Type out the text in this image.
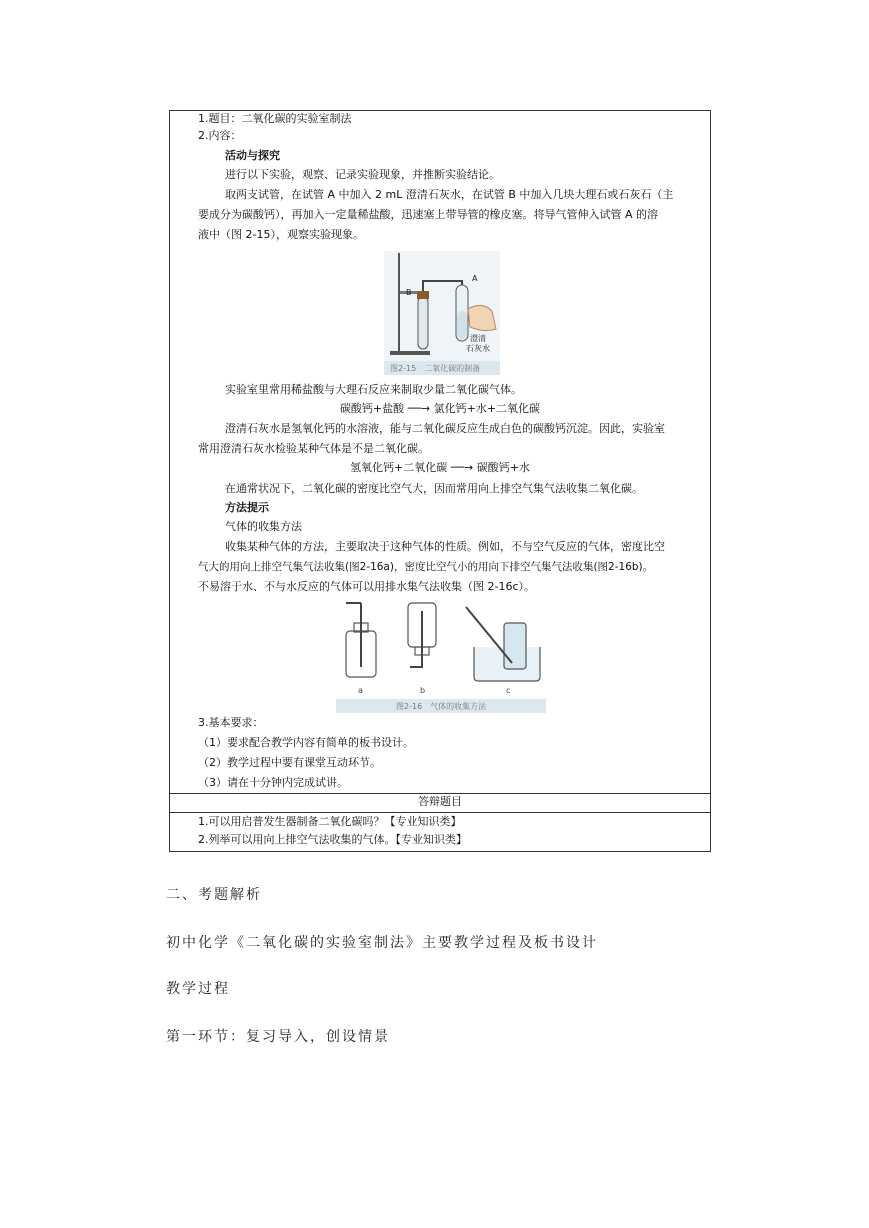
1.题目：二氧化碳的实验室制法
2.内容：
活动与探究
进行以下实验，观察、记录实验现象，并推断实验结论。
取两支试管，在试管 A 中加入 2 mL 澄清石灰水，在试管 B 中加入几块大理石或石灰石（主
要成分为碳酸钙），再加入一定量稀盐酸，迅速塞上带导管的橡皮塞。将导气管伸入试管 A 的溶
液中（图 2-15），观察实验现象。
B
A
澄清
石灰水
图2-15　二氧化碳的制备
实验室里常用稀盐酸与大理石反应来制取少量二氧化碳气体。
碳酸钙+盐酸 ──→ 氯化钙+水+二氧化碳
澄清石灰水是氢氧化钙的水溶液，能与二氧化碳反应生成白色的碳酸钙沉淀。因此，实验室
常用澄清石灰水检验某种气体是不是二氧化碳。
氢氧化钙+二氧化碳 ──→ 碳酸钙+水
在通常状况下，二氧化碳的密度比空气大，因而常用向上排空气集气法收集二氧化碳。
方法提示
气体的收集方法
收集某种气体的方法，主要取决于这种气体的性质。例如，不与空气反应的气体，密度比空
气大的用向上排空气集气法收集(图2-16a)，密度比空气小的用向下排空气集气法收集(图2-16b)。
不易溶于水、不与水反应的气体可以用排水集气法收集（图 2-16c）。
a	b	c
图2-16　气体的收集方法
3.基本要求：
（1）要求配合教学内容有简单的板书设计。
（2）教学过程中要有课堂互动环节。
（3）请在十分钟内完成试讲。
答辩题目
1.可以用启普发生器制备二氧化碳吗？【专业知识类】
2.列举可以用向上排空气法收集的气体。【专业知识类】
二、考题解析
初中化学《二氧化碳的实验室制法》主要教学过程及板书设计
教学过程
第一环节：复习导入，创设情景
